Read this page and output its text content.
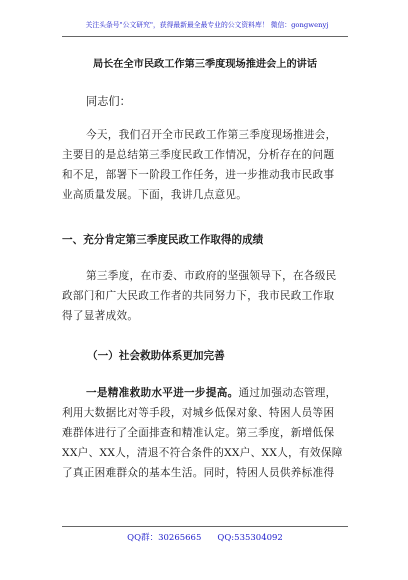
关注头条号"公文研究"，获得最新最全最专业的公文资料库！ 微信：gongwenyj
局长在全市民政工作第三季度现场推进会上的讲话
同志们：
今天，我们召开全市民政工作第三季度现场推进会，
主要目的是总结第三季度民政工作情况，分析存在的问题
和不足，部署下一阶段工作任务，进一步推动我市民政事
业高质量发展。下面，我讲几点意见。
一、充分肯定第三季度民政工作取得的成绩
第三季度，在市委、市政府的坚强领导下，在各级民
政部门和广大民政工作者的共同努力下，我市民政工作取
得了显著成效。
（一）社会救助体系更加完善
一是精准救助水平进一步提高。通过加强动态管理，
利用大数据比对等手段，对城乡低保对象、特困人员等困
难群体进行了全面排查和精准认定。第三季度，新增低保
XX户、XX人，清退不符合条件的XX户、XX人，有效保障
了真正困难群众的基本生活。同时，特困人员供养标准得
QQ群：30265665 QQ:535304092
